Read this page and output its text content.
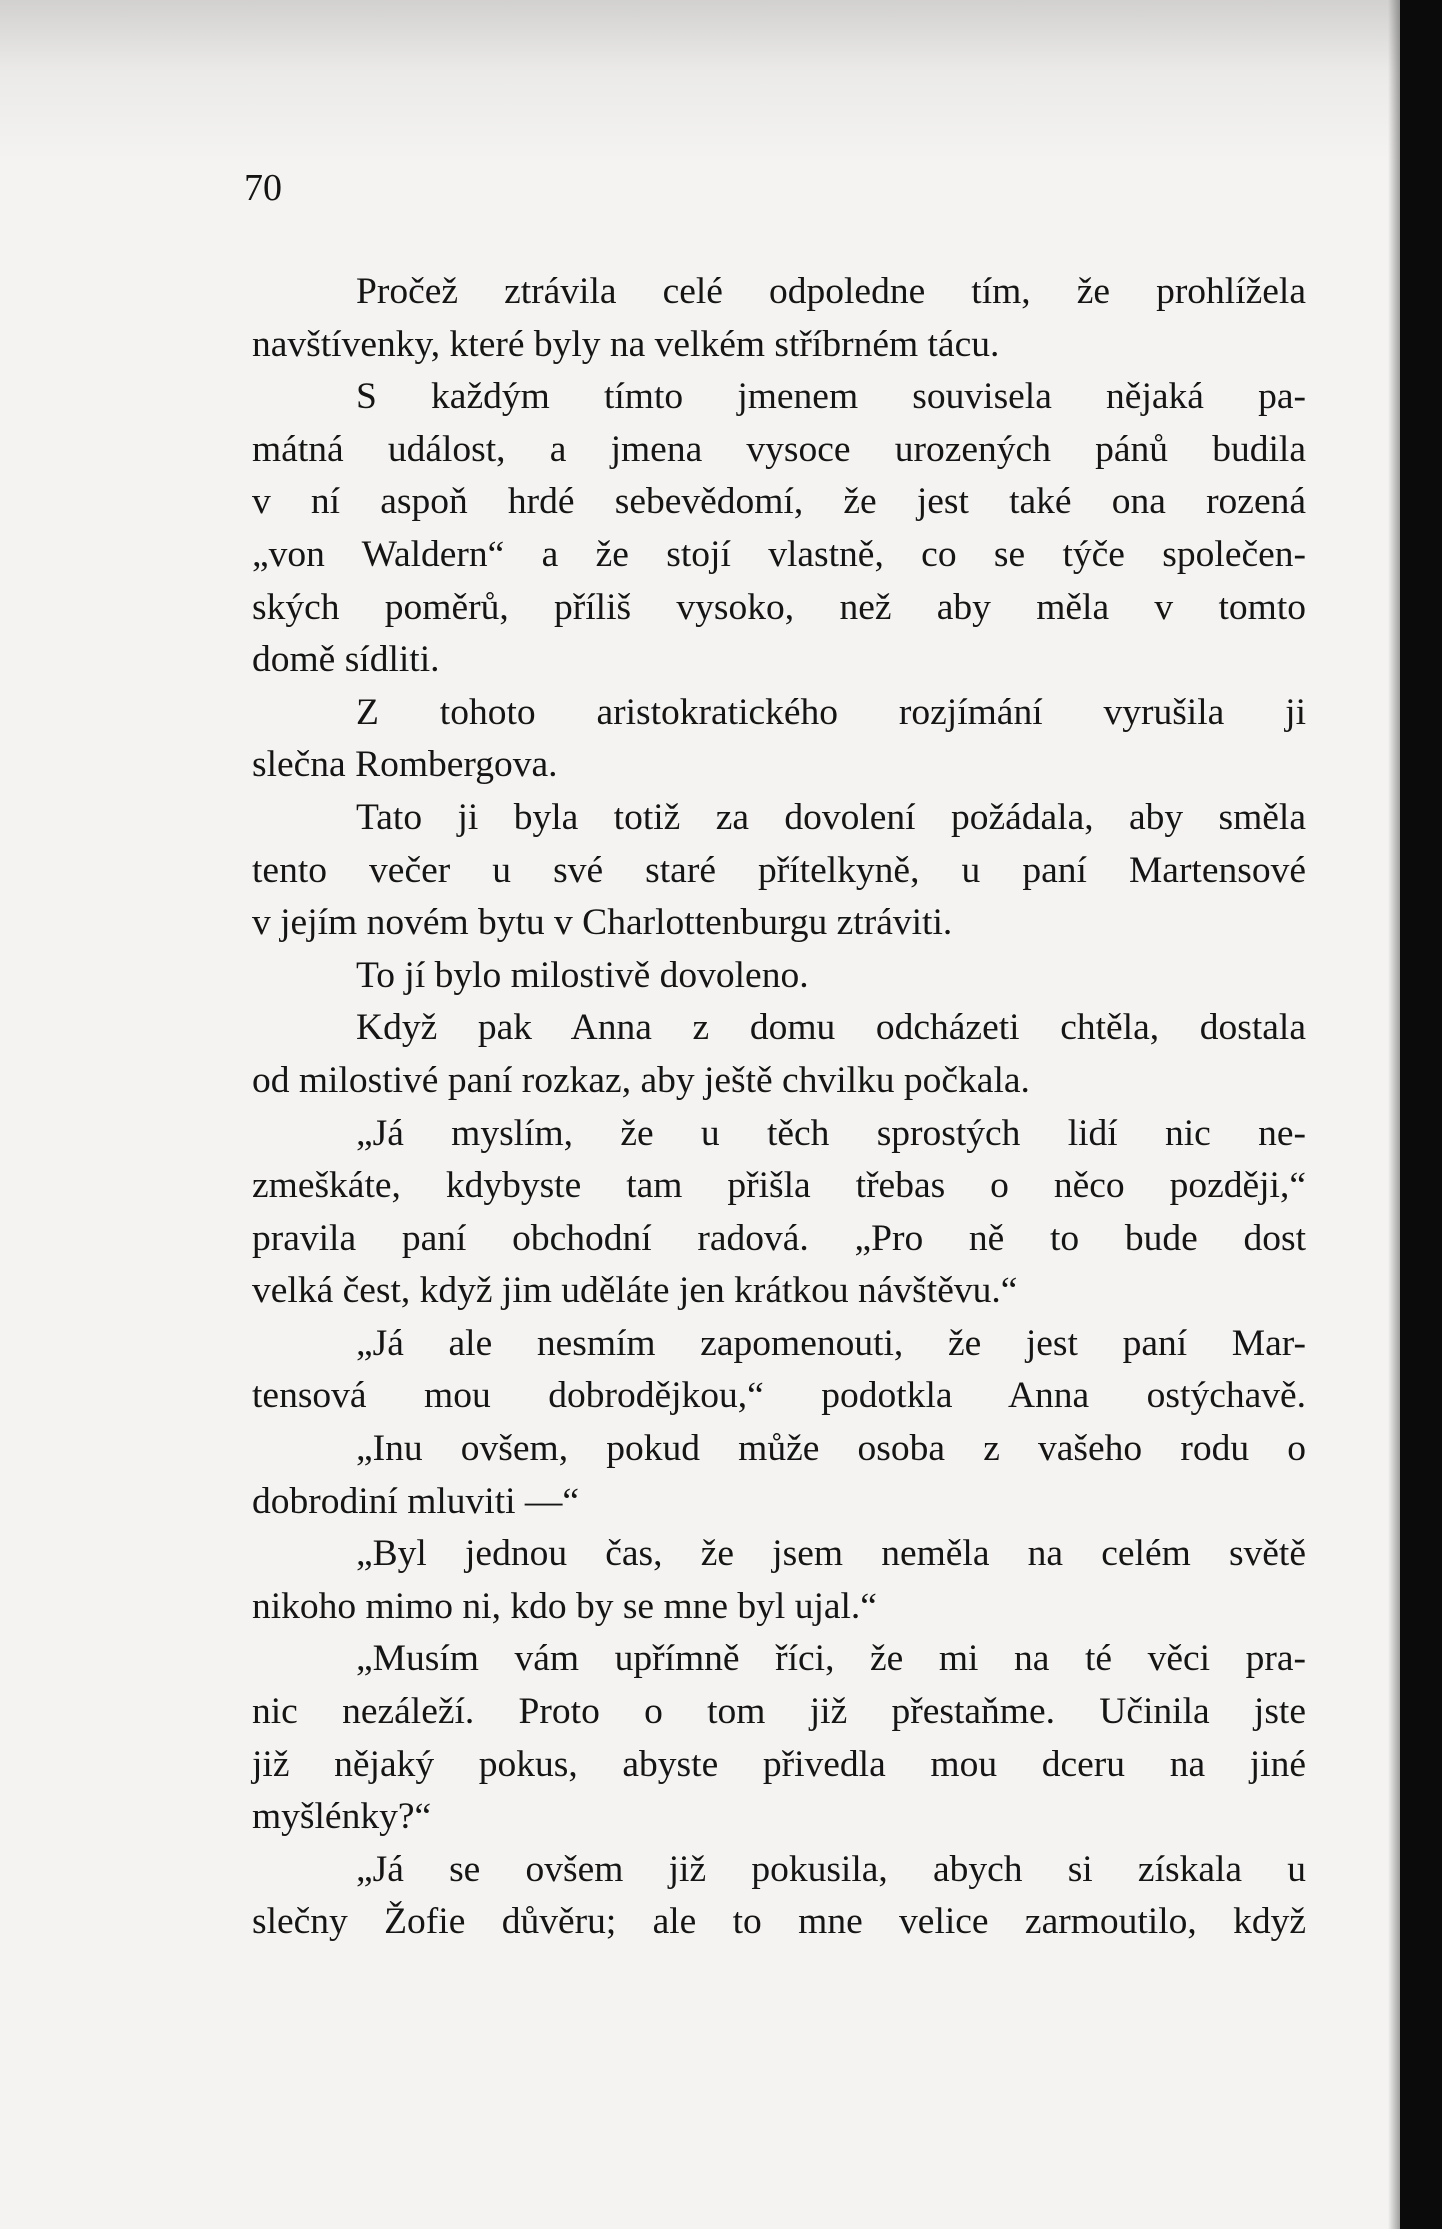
70

Pročež ztrávila celé odpoledne tím, že prohlížela
navštívenky, které byly na velkém stříbrném tácu.
S každým tímto jmenem souvisela nějaká pa-
mátná událost, a jmena vysoce urozených pánů budila
v ní aspoň hrdé sebevědomí, že jest také ona rozená
„von Waldern“ a že stojí vlastně, co se týče společen-
ských poměrů, příliš vysoko, než aby měla v tomto
domě sídliti.
Z tohoto aristokratického rozjímání vyrušila ji
slečna Rombergova.
Tato ji byla totiž za dovolení požádala, aby směla
tento večer u své staré přítelkyně, u paní Martensové
v jejím novém bytu v Charlottenburgu ztráviti.
To jí bylo milostivě dovoleno.
Když pak Anna z domu odcházeti chtěla, dostala
od milostivé paní rozkaz, aby ještě chvilku počkala.
„Já myslím, že u těch sprostých lidí nic ne-
zmeškáte, kdybyste tam přišla třebas o něco později,“
pravila paní obchodní radová. „Pro ně to bude dost
velká čest, když jim uděláte jen krátkou návštěvu.“
„Já ale nesmím zapomenouti, že jest paní Mar-
tensová mou dobrodějkou,“ podotkla Anna ostýchavě.
„Inu ovšem, pokud může osoba z vašeho rodu o
dobrodiní mluviti —“
„Byl jednou čas, že jsem neměla na celém světě
nikoho mimo ni, kdo by se mne byl ujal.“
„Musím vám upřímně říci, že mi na té věci pra-
nic nezáleží. Proto o tom již přestaňme. Učinila jste
již nějaký pokus, abyste přivedla mou dceru na jiné
myšlénky?“
„Já se ovšem již pokusila, abych si získala u
slečny Žofie důvěru; ale to mne velice zarmoutilo, když
